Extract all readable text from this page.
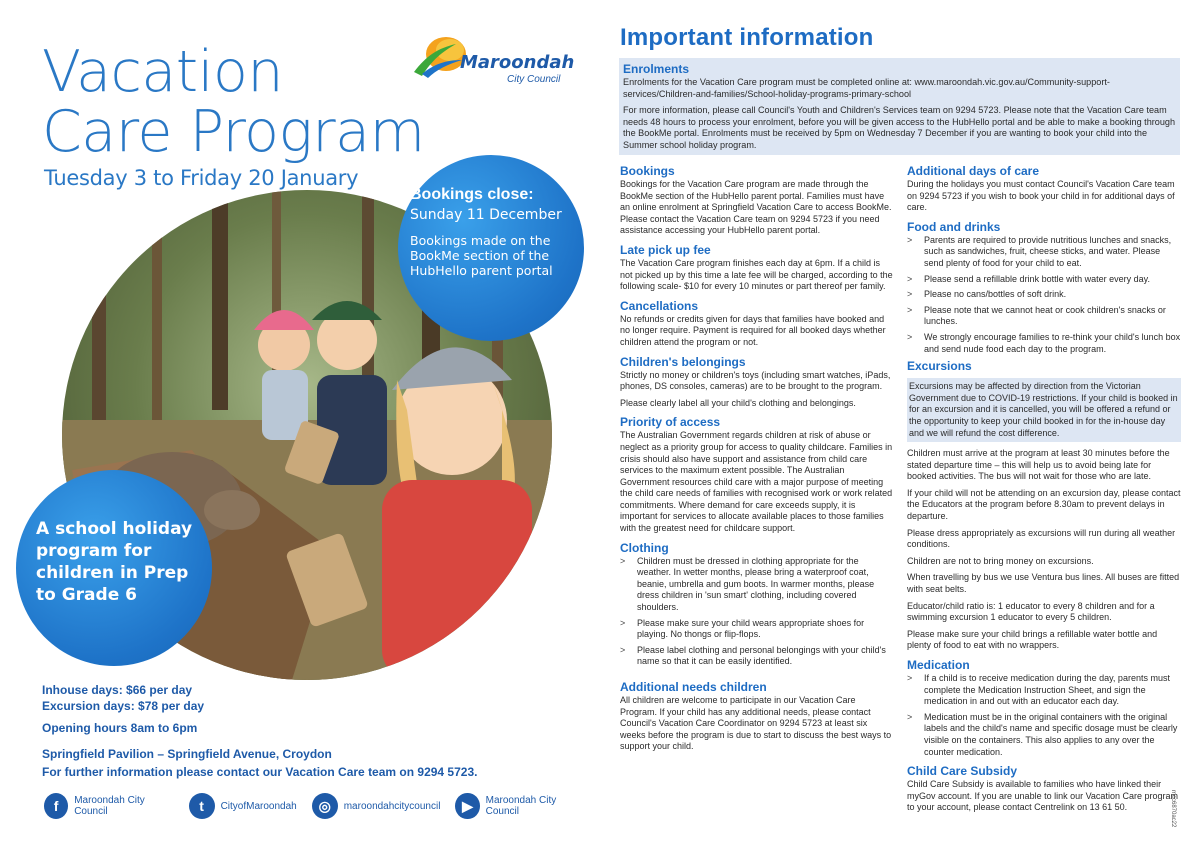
Vacation
Care Program
Tuesday 3 to Friday 20 January
Maroondah
City Council
Bookings close:
Sunday 11 December
Bookings made on the BookMe section of the HubHello parent portal
A school holiday program for children in Prep to Grade 6
Inhouse days: $66 per day
Excursion days: $78 per day
Opening hours 8am to 6pm
Springfield Pavilion – Springfield Avenue, Croydon
For further information please contact our Vacation Care team on 9294 5723.
f	Maroondah City Council	t	CityofMaroondah	◎	maroondahcitycouncil	▶	Maroondah City Council
Important information
Enrolments

Enrolments for the Vacation Care program must be completed online at: www.maroondah.vic.gov.au/Community-support-services/Children-and-families/School-holiday-programs-primary-school

For more information, please call Council's Youth and Children's Services team on 9294 5723. Please note that the Vacation Care team needs 48 hours to process your enrolment, before you will be given access to the HubHello portal and be able to make a booking through the BookMe portal. Enrolments must be received by 5pm on Wednesday 7 December if you are wanting to book your child into the Summer school holiday program.

Bookings
Bookings for the Vacation Care program are made through the BookMe section of the HubHello parent portal. Families must have an online enrolment at Springfield Vacation Care to access BookMe. Please contact the Vacation Care team on 9294 5723 if you need assistance accessing your HubHello parent portal.
Late pick up fee
The Vacation Care program finishes each day at 6pm. If a child is not picked up by this time a late fee will be charged, according to the following scale- $10 for every 10 minutes or part thereof per family.
Cancellations
No refunds or credits given for days that families have booked and no longer require. Payment is required for all booked days whether children attend the program or not.
Children's belongings
Strictly no money or children's toys (including smart watches, iPads, phones, DS consoles, cameras) are to be brought to the program.
Please clearly label all your child's clothing and belongings.
Priority of access
The Australian Government regards children at risk of abuse or neglect as a priority group for access to quality childcare. Families in crisis should also have support and assistance from child care services to the maximum extent possible. The Australian Government resources child care with a major purpose of meeting the child care needs of families with recognised work or work related commitments. Where demand for care exceeds supply, it is important for services to allocate available places to those families with the greatest need for childcare support.
Clothing
> Children must be dressed in clothing appropriate for the weather. In wetter months, please bring a waterproof coat, beanie, umbrella and gum boots. In warmer months, please dress children in 'sun smart' clothing, including covered shoulders.
> Please make sure your child wears appropriate shoes for playing. No thongs or flip-flops.
> Please label clothing and personal belongings with your child's name so that it can be easily identified.
Additional needs children
All children are welcome to participate in our Vacation Care Program. If your child has any additional needs, please contact Council's Vacation Care Coordinator on 9294 5723 at least six weeks before the program is due to start to discuss the best ways to support your child.
Additional days of care
During the holidays you must contact Council's Vacation Care team on 9294 5723 if you wish to book your child in for additional days of care.
Food and drinks
> Parents are required to provide nutritious lunches and snacks, such as sandwiches, fruit, cheese sticks, and water. Please send plenty of food for your child to eat.
> Please send a refillable drink bottle with water every day.
> Please no cans/bottles of soft drink.
> Please note that we cannot heat or cook children's snacks or lunches.
> We strongly encourage families to re-think your child's lunch box and send nude food each day to the program.
Excursions
Excursions may be affected by direction from the Victorian Government due to COVID-19 restrictions. If your child is booked in for an excursion and it is cancelled, you will be offered a refund or the opportunity to keep your child booked in for the in-house day and we will refund the cost difference.
Children must arrive at the program at least 30 minutes before the stated departure time – this will help us to avoid being late for booked activities. The bus will not wait for those who are late.
If your child will not be attending on an excursion day, please contact the Educators at the program before 8.30am to prevent delays in departure.
Please dress appropriately as excursions will run during all weather conditions.
Children are not to bring money on excursions.
When travelling by bus we use Ventura bus lines. All buses are fitted with seat belts.
Educator/child ratio is: 1 educator to every 8 children and for a swimming excursion 1 educator to every 5 children.
Please make sure your child brings a refillable water bottle and plenty of food to eat with no wrappers.
Medication
> If a child is to receive medication during the day, parents must complete the Medication Instruction Sheet, and sign the medication in and out with an educator each day.
> Medication must be in the original containers with the original labels and the child's name and specific dosage must be clearly visible on the containers. This also applies to any over the counter medication.
Child Care Subsidy
Child Care Subsidy is available to families who have linked their myGov account. If you are unable to link our Vacation Care program to your account, please contact Centrelink on 13 61 50.	mcc6870ac22
